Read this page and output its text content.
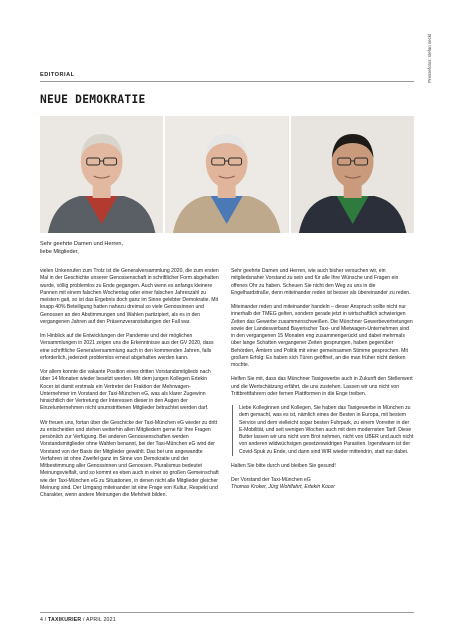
EDITORIAL
NEUE DEMOKRATIE
Pressefotos: stefan seckl
Sehr geehrte Damen und Herren,
liebe Mitglieder,

vielen Unkenrufen zum Trotz ist die Generalversammlung 2020, die zum ersten Mal in der Geschichte unserer Genossenschaft in schriftlicher Form abgehalten wurde, völlig problemlos zu Ende gegangen. Auch wenn es anfangs kleinere Pannen mit einem falschen Wochentag oder einer falschen Jahreszahl zu meistern galt, so ist das Ergebnis doch ganz im Sinne gelebter Demokratie. Mit knapp 40% Beteiligung hatten nahezu dreimal so viele Genossinnen und Genossen an den Abstimmungen und Wahlen partizipiert, als es in den vergangenen Jahren auf den Präsenzveranstaltungen der Fall war.

Im Hinblick auf die Entwicklungen der Pandemie und der möglichen Versammlungen in 2021 zeigen uns die Erkenntnisse aus der GV 2020, dass eine schriftliche Generalversammlung auch in den kommenden Jahren, falls erforderlich, jederzeit problemlos erneut abgehalten werden kann.

Vor allem konnte die vakante Position eines dritten Vorstandsmitglieds nach über 14 Monaten wieder besetzt werden. Mit dem jungen Kollegen Ertekin Kocer ist damit erstmals ein Vertreter der Fraktion der Mehrwagen-Unternehmer im Vorstand der Taxi-München eG, was als klarer Zugewinn hinsichtlich der Vertretung der Interessen dieser in den Augen der Einzelunternehmen nicht unumstrittenen Mitglieder betrachtet werden darf.

Wir freuen uns, fortan über die Geschicke der Taxi-München eG wieder zu dritt zu entscheiden und stehen weiterhin allen Mitgliedern gerne für Ihre Fragen persönlich zur Verfügung. Bei anderen Genossenschaften werden Vorstandsmitglieder ohne Wahlen benannt, bei der Taxi-München eG wird der Vorstand von der Basis der Mitglieder gewählt. Das bei uns angewandte Verfahren ist ohne Zweifel ganz im Sinne von Demokratie und der Mitbestimmung aller Genossinnen und Genossen. Pluralismus bedeutet Meinungsvielfalt, und so kommt es eben auch in einer so großen Gemeinschaft wie der Taxi-München eG zu Situationen, in denen nicht alle Mitglieder gleicher Meinung sind. Der Umgang miteinander ist eine Frage von Kultur, Respekt und Charakter, wenn andere Meinungen die Mehrheit bilden.

Sehr geehrte Damen und Herren, wie auch bisher versuchen wir, ein mitgliedsnaher Vorstand zu sein und für alle Ihre Wünsche und Fragen ein offenes Ohr zu haben. Scheuen Sie nicht den Weg zu uns in die Engelhardstraße, denn miteinander reden ist besser als übereinander zu reden.

Miteinander reden und miteinander handeln – dieser Anspruch sollte nicht nur innerhalb der TMEG gelten, sondern gerade jetzt in wirtschaftlich schwierigen Zeiten das Gewerbe zusammenschweißen. Die Münchner Gewerbevertretungen sowie der Landesverband Bayerischer Taxi- und Mietwagen-Unternehmen sind in den vergangenen 15 Monaten eng zusammengerückt und dabei mehrmals über lange Schatten vergangener Zeiten gesprungen, haben gegenüber Behörden, Ämtern und Politik mit einer gemeinsamen Stimme gesprochen. Mit großem Erfolg: Es haben sich Türen geöffnet, an die man früher nicht denken mochte.

Helfen Sie mit, dass das Münchner Taxigewerbe auch in Zukunft den Stellenwert und die Wertschätzung erfährt, die uns zustehen. Lassen wir uns nicht von Trittbrettfahrern oder fernen Plattformen in die Enge treiben.

Liebe Kolleginnen und Kollegen, Sie haben das Taxigewerbe in München zu dem gemacht, was es ist, nämlich eines der Besten in Europa, mit bestem Service und dem vielleicht sogar besten Fuhrpark, zu einem Vorreiter in der E-Mobilität, und seit wenigen Wochen auch mit dem modernsten Tarif. Diese Butter lassen wir uns nicht vom Brot nehmen, nicht von UBER und auch nicht von anderen wildwüchsigen gesetzeswidrigen Parasiten. Irgendwann ist der Covid-Spuk zu Ende, und dann sind WIR wieder mittendrin, statt nur dabei.

Halten Sie bitte durch und bleiben Sie gesund!

Der Vorstand der Taxi-München eG
Thomas Kroker, Jürg Wohlfahrt, Ertekin Kocer
4 / TAXIKURIER / APRIL 2021
